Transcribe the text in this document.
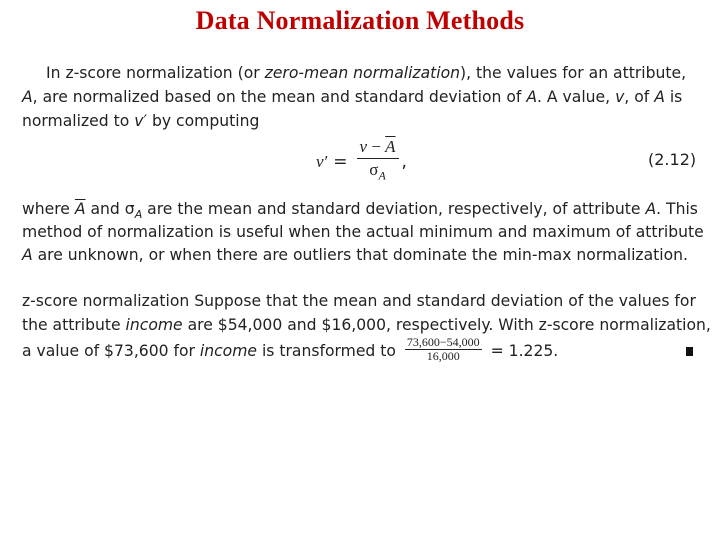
Data Normalization Methods
In z-score normalization (or zero-mean normalization), the values for an attribute,
A, are normalized based on the mean and standard deviation of A. A value, v, of A is
normalized to v′ by computing
$v' = \frac{v - \overline{A}}{\sigma_A}$ ,	(2.12)
where $\overline{A}$ and $\sigma_A$ are the mean and standard deviation, respectively, of attribute A. This
method of normalization is useful when the actual minimum and maximum of attribute
A are unknown, or when there are outliers that dominate the min-max normalization.
z-score normalization Suppose that the mean and standard deviation of the values for
the attribute income are $54,000 and $16,000, respectively. With z-score normalization,
a value of $73,600 for income is transformed to $\frac{73,600-54,000}{16,000} = 1.225$.
